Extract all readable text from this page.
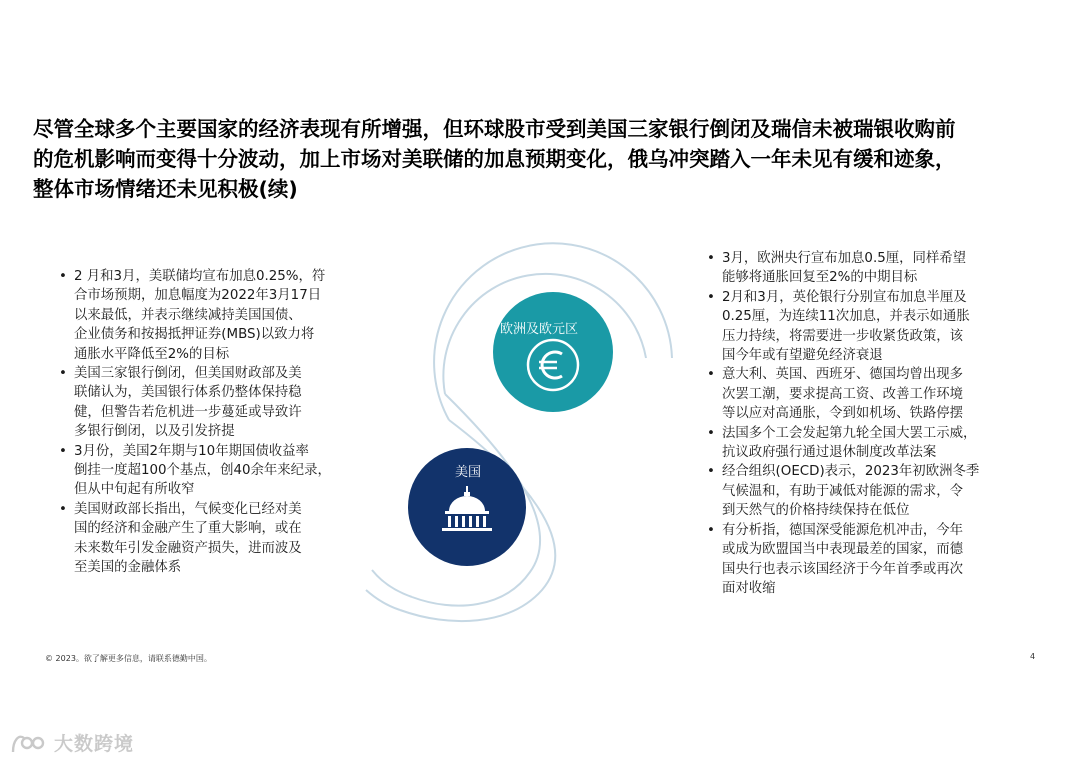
尽管全球多个主要国家的经济表现有所增强，但环球股市受到美国三家银行倒闭及瑞信未被瑞银收购前
的危机影响而变得十分波动，加上市场对美联储的加息预期变化，俄乌冲突踏入一年未见有缓和迹象，
整体市场情绪还未见积极(续)
欧洲及欧元区
美国
• 2 月和3月，美联储均宣布加息0.25%，符
合市场预期，加息幅度为2022年3月17日
以来最低，并表示继续减持美国国债、
企业债务和按揭抵押证券(MBS)以致力将
通胀水平降低至2%的目标
• 美国三家银行倒闭，但美国财政部及美
联储认为，美国银行体系仍整体保持稳
健，但警告若危机进一步蔓延或导致许
多银行倒闭，以及引发挤提
• 3月份，美国2年期与10年期国债收益率
倒挂一度超100个基点，创40余年来纪录，
但从中旬起有所收窄
• 美国财政部长指出，气候变化已经对美
国的经济和金融产生了重大影响，或在
未来数年引发金融资产损失，进而波及
至美国的金融体系
• 3月，欧洲央行宣布加息0.5厘，同样希望
能够将通胀回复至2%的中期目标
• 2月和3月，英伦银行分别宣布加息半厘及
0.25厘，为连续11次加息，并表示如通胀
压力持续，将需要进一步收紧货政策，该
国今年或有望避免经济衰退
• 意大利、英国、西班牙、德国均曾出现多
次罢工潮，要求提高工资、改善工作环境
等以应对高通胀，令到如机场、铁路停摆
• 法国多个工会发起第九轮全国大罢工示威，
抗议政府强行通过退休制度改革法案
• 经合组织(OECD)表示，2023年初欧洲冬季
气候温和，有助于减低对能源的需求，令
到天然气的价格持续保持在低位
• 有分析指，德国深受能源危机冲击，今年
或成为欧盟国当中表现最差的国家，而德
国央行也表示该国经济于今年首季或再次
面对收缩
© 2023。欲了解更多信息，请联系德勤中国。	4
大数跨境
